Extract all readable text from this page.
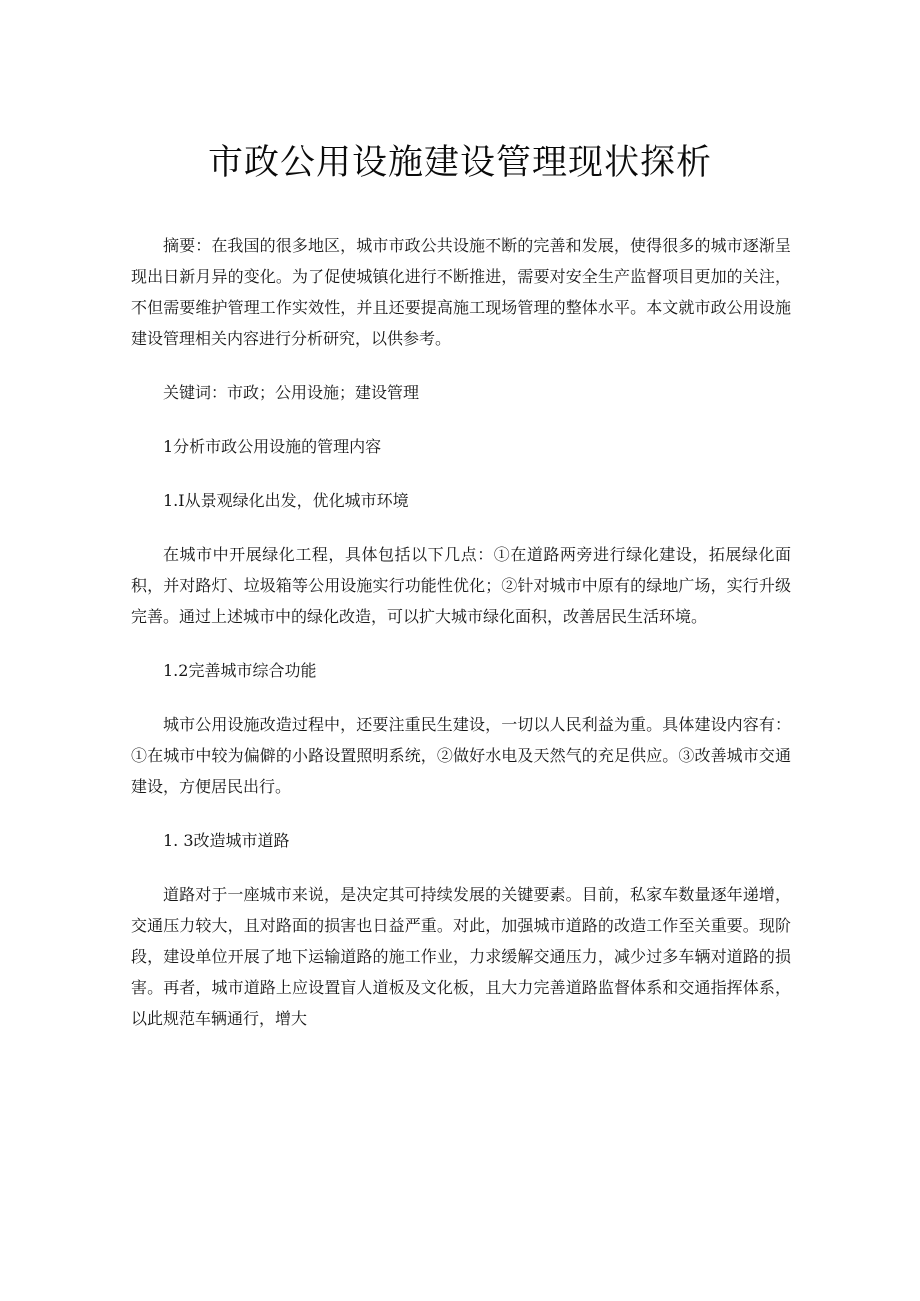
市政公用设施建设管理现状探析

摘要：在我国的很多地区，城市市政公共设施不断的完善和发展，使得很多的城市逐渐呈现出日新月异的变化。为了促使城镇化进行不断推进，需要对安全生产监督项目更加的关注，不但需要维护管理工作实效性，并且还要提高施工现场管理的整体水平。本文就市政公用设施建设管理相关内容进行分析研究，以供参考。

关键词：市政；公用设施；建设管理

1分析市政公用设施的管理内容

1.I从景观绿化出发，优化城市环境

在城市中开展绿化工程，具体包括以下几点：①在道路两旁进行绿化建设，拓展绿化面积，并对路灯、垃圾箱等公用设施实行功能性优化；②针对城市中原有的绿地广场，实行升级完善。通过上述城市中的绿化改造，可以扩大城市绿化面积，改善居民生活环境。

1.2完善城市综合功能

城市公用设施改造过程中，还要注重民生建设，一切以人民利益为重。具体建设内容有：①在城市中较为偏僻的小路设置照明系统，②做好水电及天然气的充足供应。③改善城市交通建设，方便居民出行。

1. 3改造城市道路

道路对于一座城市来说，是决定其可持续发展的关键要素。目前，私家车数量逐年递增，交通压力较大，且对路面的损害也日益严重。对此，加强城市道路的改造工作至关重要。现阶段，建设单位开展了地下运输道路的施工作业，力求缓解交通压力，减少过多车辆对道路的损害。再者，城市道路上应设置盲人道板及文化板，且大力完善道路监督体系和交通指挥体系，以此规范车辆通行，增大
